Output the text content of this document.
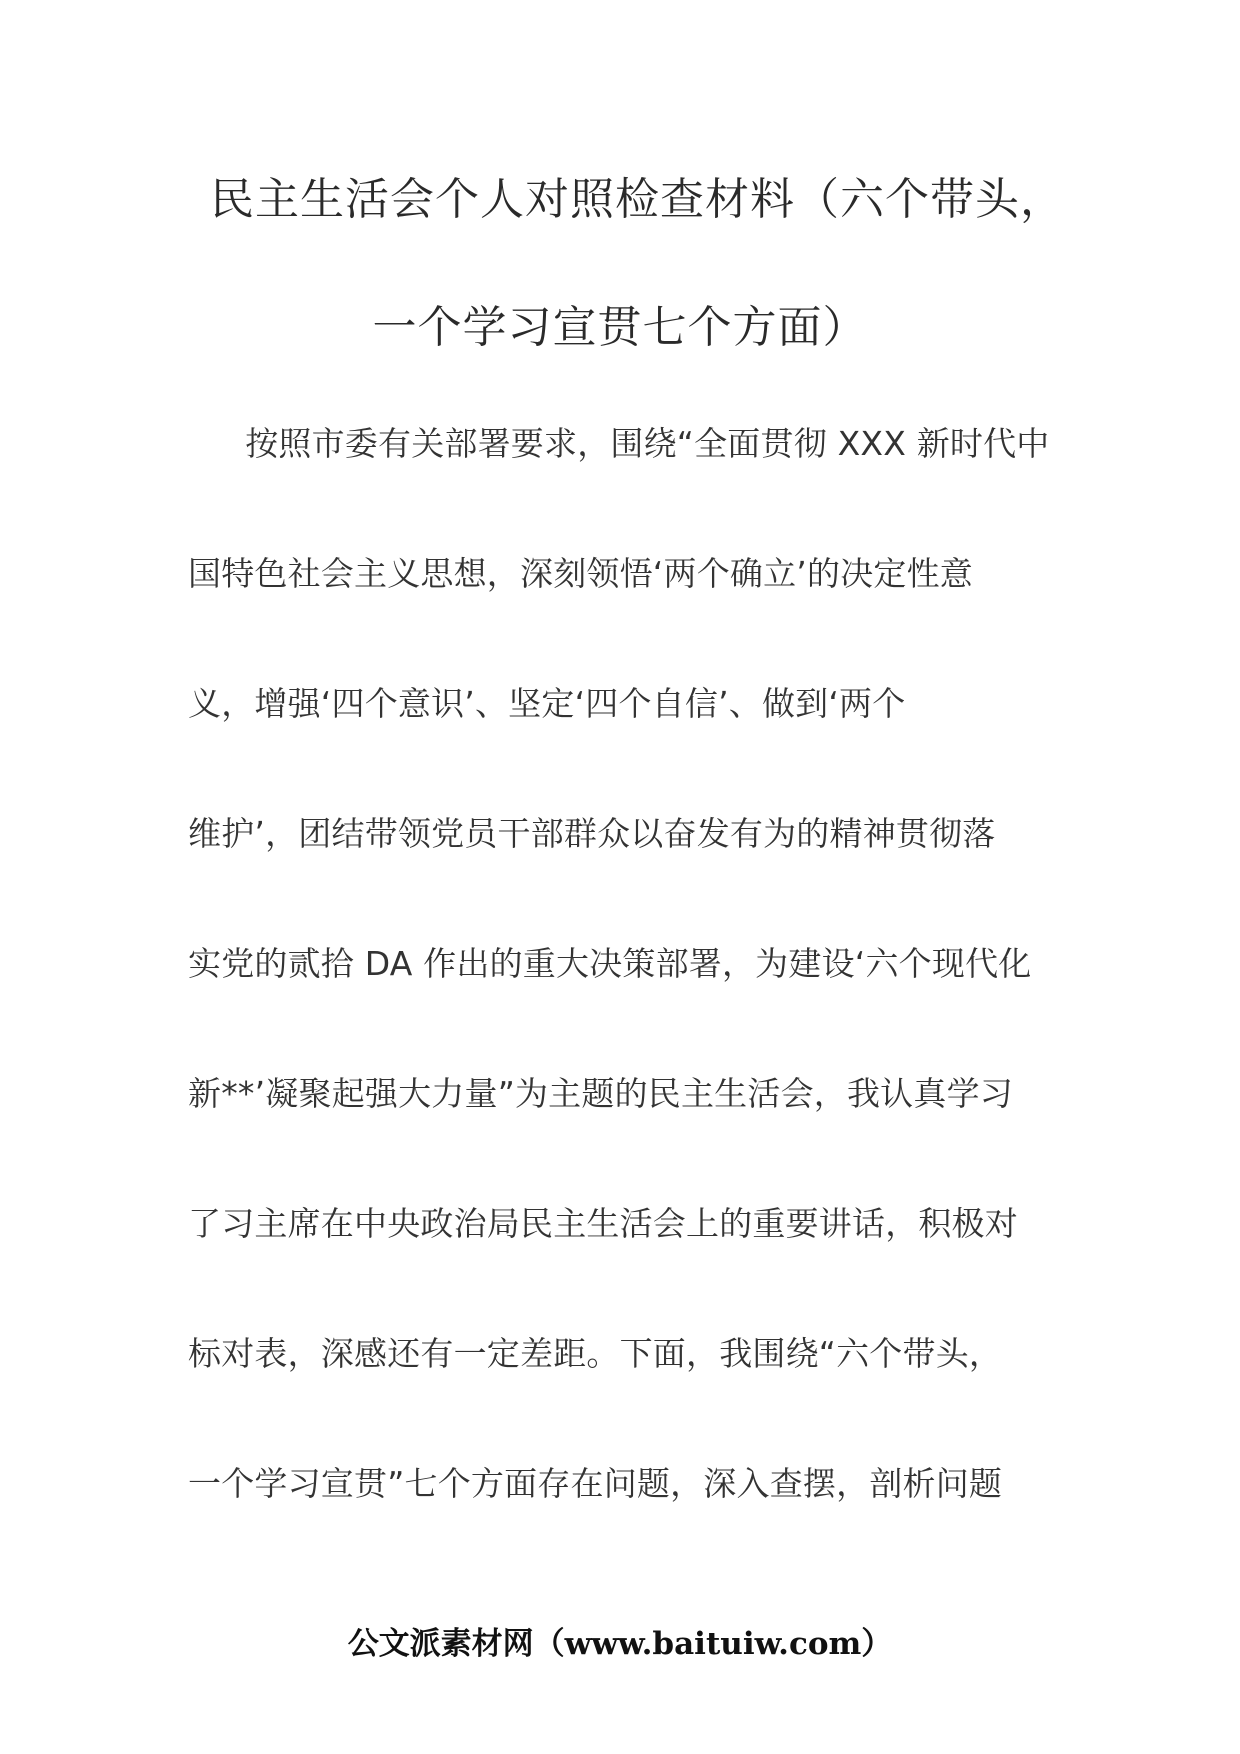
民主生活会个人对照检查材料（六个带头，
一个学习宣贯七个方面）
　按照市委有关部署要求，围绕“全面贯彻 XXX 新时代中
国特色社会主义思想，深刻领悟‘两个确立’的决定性意
义，增强‘四个意识’、坚定‘四个自信’、做到‘两个
维护’，团结带领党员干部群众以奋发有为的精神贯彻落
实党的贰拾 DA 作出的重大决策部署，为建设‘六个现代化
新**’凝聚起强大力量”为主题的民主生活会，我认真学习
了习主席在中央政治局民主生活会上的重要讲话，积极对
标对表，深感还有一定差距。下面，我围绕“六个带头，
一个学习宣贯”七个方面存在问题，深入查摆，剖析问题
公文派素材网（www.baituiw.com）
